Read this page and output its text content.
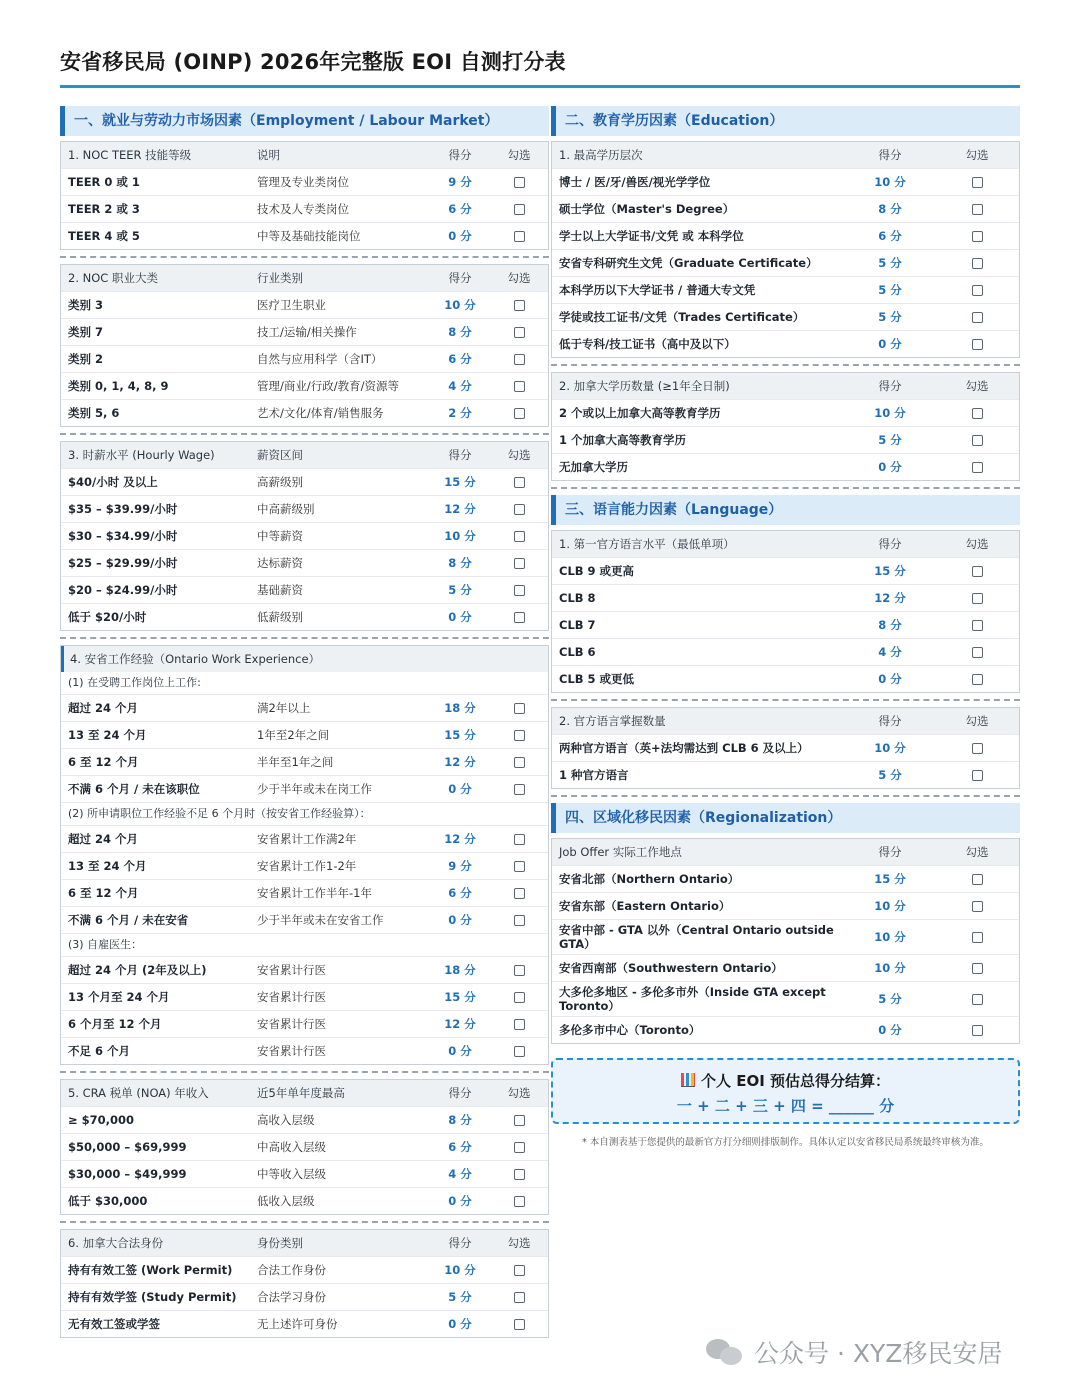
安省移民局 (OINP) 2026年完整版 EOI 自测打分表
一、就业与劳动力市场因素（Employment / Labour Market）
1. NOC TEER 技能等级	说明	得分	勾选
TEER 0 或 1	管理及专业类岗位	9 分
TEER 2 或 3	技术及人专类岗位	6 分
TEER 4 或 5	中等及基础技能岗位	0 分
2. NOC 职业大类	行业类别	得分	勾选
类别 3	医疗卫生职业	10 分
类别 7	技工/运输/相关操作	8 分
类别 2	自然与应用科学（含IT）	6 分
类别 0, 1, 4, 8, 9	管理/商业/行政/教育/资源等	4 分
类别 5, 6	艺术/文化/体育/销售服务	2 分
3. 时薪水平 (Hourly Wage)	薪资区间	得分	勾选
$40/小时 及以上	高薪级别	15 分
$35 – $39.99/小时	中高薪级别	12 分
$30 – $34.99/小时	中等薪资	10 分
$25 – $29.99/小时	达标薪资	8 分
$20 – $24.99/小时	基础薪资	5 分
低于 $20/小时	低薪级别	0 分
4. 安省工作经验（Ontario Work Experience）
(1) 在受聘工作岗位上工作:
超过 24 个月	满2年以上	18 分
13 至 24 个月	1年至2年之间	15 分
6 至 12 个月	半年至1年之间	12 分
不满 6 个月 / 未在该职位	少于半年或未在岗工作	0 分
(2) 所申请职位工作经验不足 6 个月时（按安省工作经验算）：
超过 24 个月	安省累计工作满2年	12 分
13 至 24 个月	安省累计工作1-2年	9 分
6 至 12 个月	安省累计工作半年-1年	6 分
不满 6 个月 / 未在安省	少于半年或未在安省工作	0 分
(3) 自雇医生：
超过 24 个月 (2年及以上)	安省累计行医	18 分
13 个月至 24 个月	安省累计行医	15 分
6 个月至 12 个月	安省累计行医	12 分
不足 6 个月	安省累计行医	0 分
5. CRA 税单 (NOA) 年收入	近5年单年度最高	得分	勾选
≥ $70,000	高收入层级	8 分
$50,000 – $69,999	中高收入层级	6 分
$30,000 – $49,999	中等收入层级	4 分
低于 $30,000	低收入层级	0 分
6. 加拿大合法身份	身份类别	得分	勾选
持有有效工签 (Work Permit)	合法工作身份	10 分
持有有效学签 (Study Permit)	合法学习身份	5 分
无有效工签或学签	无上述许可身份	0 分
二、教育学历因素（Education）
1. 最高学历层次	得分	勾选
博士 / 医/牙/兽医/视光学学位	10 分
硕士学位（Master's Degree）	8 分
学士以上大学证书/文凭 或 本科学位	6 分
安省专科研究生文凭（Graduate Certificate）	5 分
本科学历以下大学证书 / 普通大专文凭	5 分
学徒或技工证书/文凭（Trades Certificate）	5 分
低于专科/技工证书（高中及以下）	0 分
2. 加拿大学历数量 (≥1年全日制)	得分	勾选
2 个或以上加拿大高等教育学历	10 分
1 个加拿大高等教育学历	5 分
无加拿大学历	0 分
三、语言能力因素（Language）
1. 第一官方语言水平（最低单项）	得分	勾选
CLB 9 或更高	15 分
CLB 8	12 分
CLB 7	8 分
CLB 6	4 分
CLB 5 或更低	0 分
2. 官方语言掌握数量	得分	勾选
两种官方语言（英+法均需达到 CLB 6 及以上）	10 分
1 种官方语言	5 分
四、区域化移民因素（Regionalization）
Job Offer 实际工作地点	得分	勾选
安省北部（Northern Ontario）	15 分
安省东部（Eastern Ontario）	10 分
安省中部 - GTA 以外（Central Ontario outside GTA）	10 分
安省西南部（Southwestern Ontario）	10 分
大多伦多地区 - 多伦多市外（Inside GTA except Toronto）	5 分
多伦多市中心（Toronto）	0 分
个人 EOI 预估总得分结算：
一 + 二 + 三 + 四 = ______ 分
* 本自测表基于您提供的最新官方打分细则排版制作。具体认定以安省移民局系统最终审核为准。
公众号 · XYZ移民安居
